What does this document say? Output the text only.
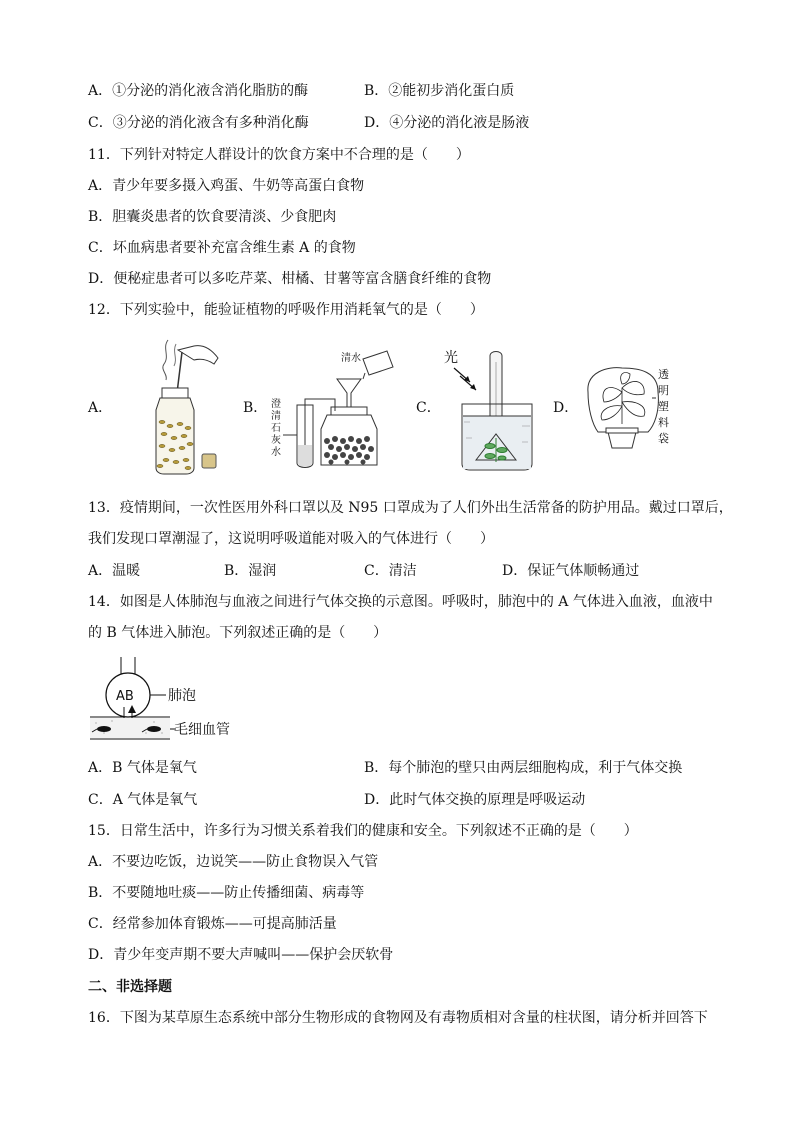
A．①分泌的消化液含消化脂肪的酶	B．②能初步消化蛋白质
C．③分泌的消化液含有多种消化酶	D．④分泌的消化液是肠液
11．下列针对特定人群设计的饮食方案中不合理的是（　　）
A．青少年要多摄入鸡蛋、牛奶等高蛋白食物
B．胆囊炎患者的饮食要清淡、少食肥肉
C．坏血病患者要补充富含维生素 A 的食物
D．便秘症患者可以多吃芹菜、柑橘、甘薯等富含膳食纤维的食物
12．下列实验中，能验证植物的呼吸作用消耗氧气的是（　　）
A．	B．	C．	D．
清水
澄
清
石
灰
水
光
透
明
塑
料
袋
13．疫情期间，一次性医用外科口罩以及 N95 口罩成为了人们外出生活常备的防护用品。戴过口罩后，
我们发现口罩潮湿了，这说明呼吸道能对吸入的气体进行（　　）
A．温暖	B．湿润	C．清洁	D．保证气体顺畅通过
14．如图是人体肺泡与血液之间进行气体交换的示意图。呼吸时，肺泡中的 A 气体进入血液，血液中
的 B 气体进入肺泡。下列叙述正确的是（　　）
AB 肺泡
毛细血管
A．B 气体是氧气	B．每个肺泡的壁只由两层细胞构成，利于气体交换
C．A 气体是氧气	D．此时气体交换的原理是呼吸运动
15．日常生活中，许多行为习惯关系着我们的健康和安全。下列叙述不正确的是（　　）
A．不要边吃饭，边说笑——防止食物误入气管
B．不要随地吐痰——防止传播细菌、病毒等
C．经常参加体育锻炼——可提高肺活量
D．青少年变声期不要大声喊叫——保护会厌软骨
二、非选择题
16．下图为某草原生态系统中部分生物形成的食物网及有毒物质相对含量的柱状图，请分析并回答下
